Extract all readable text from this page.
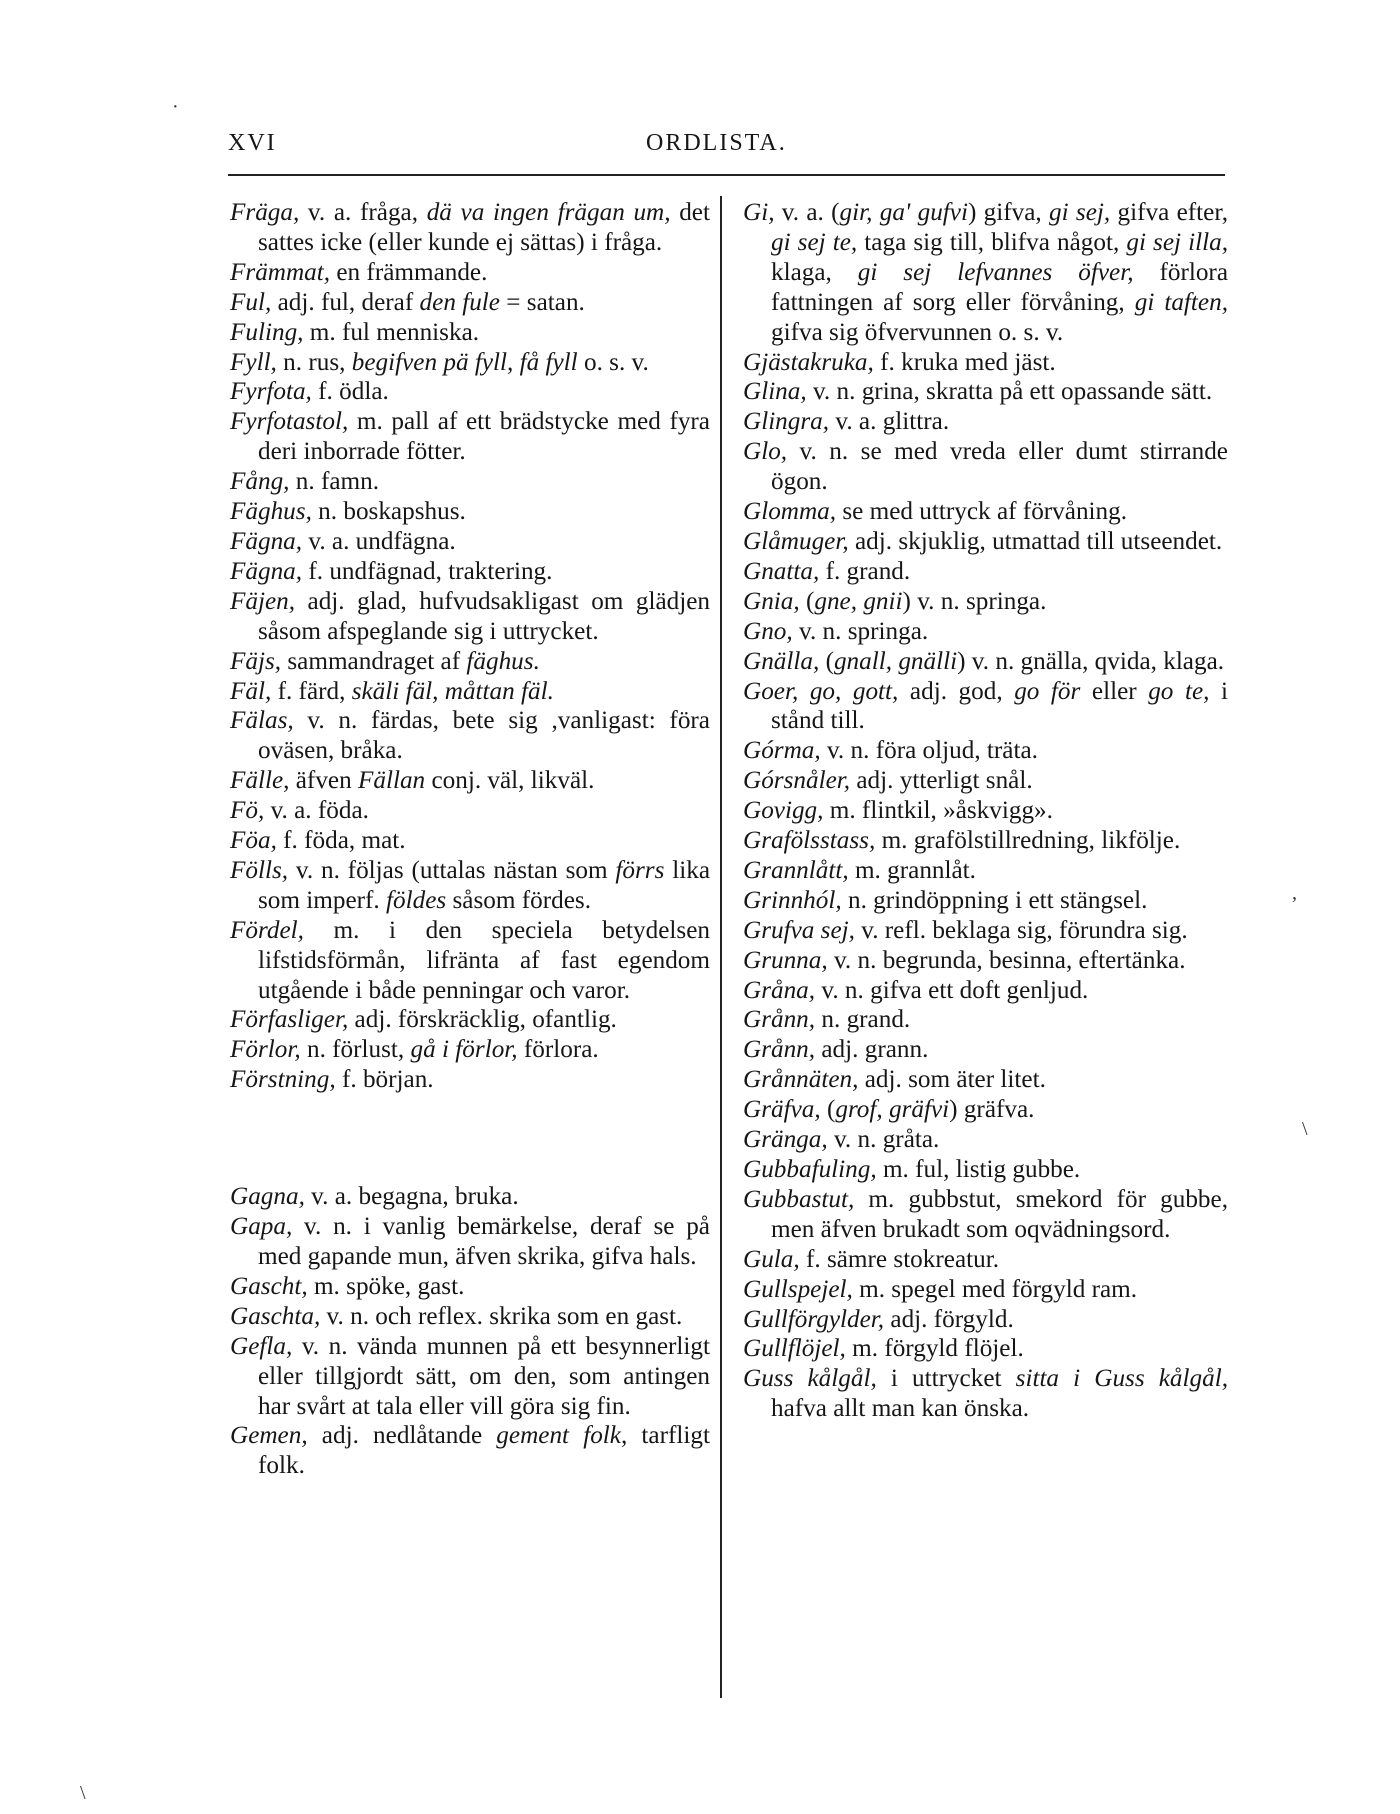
XVI	ORDLISTA.
Fräga, v. a. fråga, dä va ingen frägan um, det sattes icke (eller kunde ej sättas) i fråga.
Främmat, en främmande.
Ful, adj. ful, deraf den fule = satan.
Fuling, m. ful menniska.
Fyll, n. rus, begifven pä fyll, få fyll o. s. v.
Fyrfota, f. ödla.
Fyrfotastol, m. pall af ett brädstycke med fyra deri inborrade fötter.
Fång, n. famn.
Fäghus, n. boskapshus.
Fägna, v. a. undfägna.
Fägna, f. undfägnad, traktering.
Fäjen, adj. glad, hufvudsakligast om glädjen såsom afspeglande sig i uttrycket.
Fäjs, sammandraget af fäghus.
Fäl, f. färd, skäli fäl, måttan fäl.
Fälas, v. n. färdas, bete sig ,vanligast: föra oväsen, bråka.
Fälle, äfven Fällan conj. väl, likväl.
Fö, v. a. föda.
Föa, f. föda, mat.
Fölls, v. n. följas (uttalas nästan som förrs lika som imperf. földes såsom fördes.
Fördel, m. i den speciela betydelsen lifstidsförmån, lifränta af fast egendom utgående i både penningar och varor.
Förfasliger, adj. förskräcklig, ofantlig.
Förlor, n. förlust, gå i förlor, förlora.
Förstning, f. början.
Gagna, v. a. begagna, bruka.
Gapa, v. n. i vanlig bemärkelse, deraf se på med gapande mun, äfven skrika, gifva hals.
Gascht, m. spöke, gast.
Gaschta, v. n. och reflex. skrika som en gast.
Gefla, v. n. vända munnen på ett besynnerligt eller tillgjordt sätt, om den, som antingen har svårt at tala eller vill göra sig fin.
Gemen, adj. nedlåtande gement folk, tarfligt folk.
Gi, v. a. (gir, ga' gufvi) gifva, gi sej, gifva efter, gi sej te, taga sig till, blifva något, gi sej illa, klaga, gi sej lefvannes öfver, förlora fattningen af sorg eller förvåning, gi taften, gifva sig öfvervunnen o. s. v.
Gjästakruka, f. kruka med jäst.
Glina, v. n. grina, skratta på ett opassande sätt.
Glingra, v. a. glittra.
Glo, v. n. se med vreda eller dumt stirrande ögon.
Glomma, se med uttryck af förvåning.
Glåmuger, adj. skjuklig, utmattad till utseendet.
Gnatta, f. grand.
Gnia, (gne, gnii) v. n. springa.
Gno, v. n. springa.
Gnälla, (gnall, gnälli) v. n. gnälla, qvida, klaga.
Goer, go, gott, adj. god, go för eller go te, i stånd till.
Górma, v. n. föra oljud, träta.
Górsnåler, adj. ytterligt snål.
Govigg, m. flintkil, »åskvigg».
Grafölsstass, m. grafölstillredning, likfölje.
Grannlått, m. grannlåt.
Grinnhól, n. grindöppning i ett stängsel.
Grufva sej, v. refl. beklaga sig, förundra sig.
Grunna, v. n. begrunda, besinna, eftertänka.
Gråna, v. n. gifva ett doft genljud.
Grånn, n. grand.
Grånn, adj. grann.
Grånnäten, adj. som äter litet.
Gräfva, (grof, gräfvi) gräfva.
Gränga, v. n. gråta.
Gubbafuling, m. ful, listig gubbe.
Gubbastut, m. gubbstut, smekord för gubbe, men äfven brukadt som oqvädningsord.
Gula, f. sämre stokreatur.
Gullspejel, m. spegel med förgyld ram.
Gullförgylder, adj. förgyld.
Gullflöjel, m. förgyld flöjel.
Guss kålgål, i uttrycket sitta i Guss kålgål, hafva allt man kan önska.
·
\
,
\
